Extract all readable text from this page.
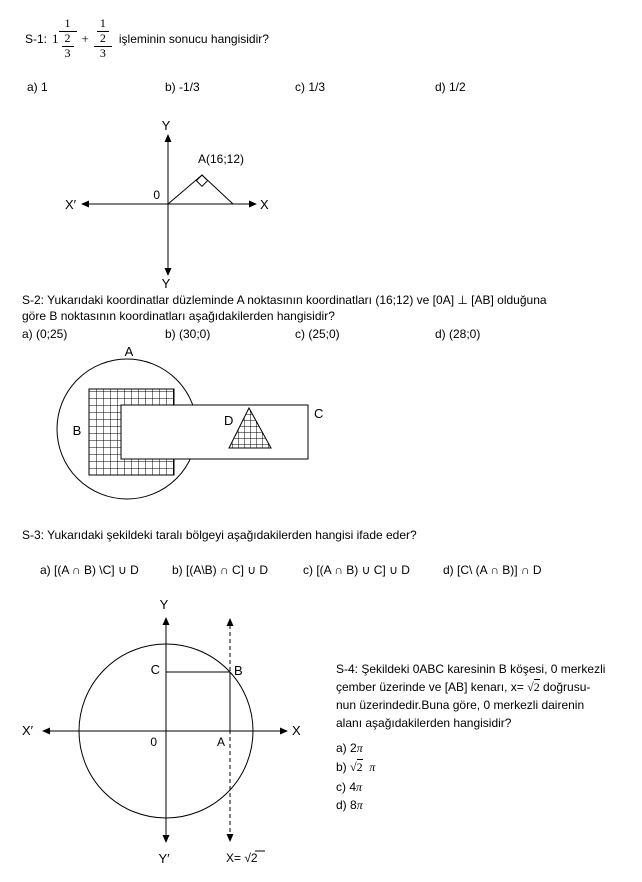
S-1: $1 \frac{1}{\frac{2}{3}} + \frac{\frac{1}{2}}{3}$ işleminin sonucu hangisidir?
a) 1	b) -1/3	c) 1/3	d) 1/2
Y
Y
X′	X
0
A(16;12)
S-2: Yukarıdaki koordinatlar düzleminde A noktasının koordinatları (16;12) ve [0A] ⊥ [AB] olduğuna
göre B noktasının koordinatları aşağıdakilerden hangisidir?
a) (0;25)	b) (30;0)	c) (25;0)	d) (28;0)
A
B
C
D
S-3: Yukarıdaki şekildeki taralı bölgeyi aşağıdakilerden hangisi ifade eder?
a) [(A ∩ B) \C] ∪ D	b) [(A\B) ∩ C] ∪ D	c) [(A ∩ B) ∪ C] ∪ D	d) [C\ (A ∩ B)] ∩ D
Y
Y′
X′	X
0	A
B
C
X= √2
S-4: Şekildeki 0ABC karesinin B köşesi, 0 merkezli
çember üzerinde ve [AB] kenarı, x= √2 doğrusu-
nun üzerindedir.Buna göre, 0 merkezli dairenin
alanı aşağıdakilerden hangisidir?
a) 2π
b) √2 π
c) 4π
d) 8π
